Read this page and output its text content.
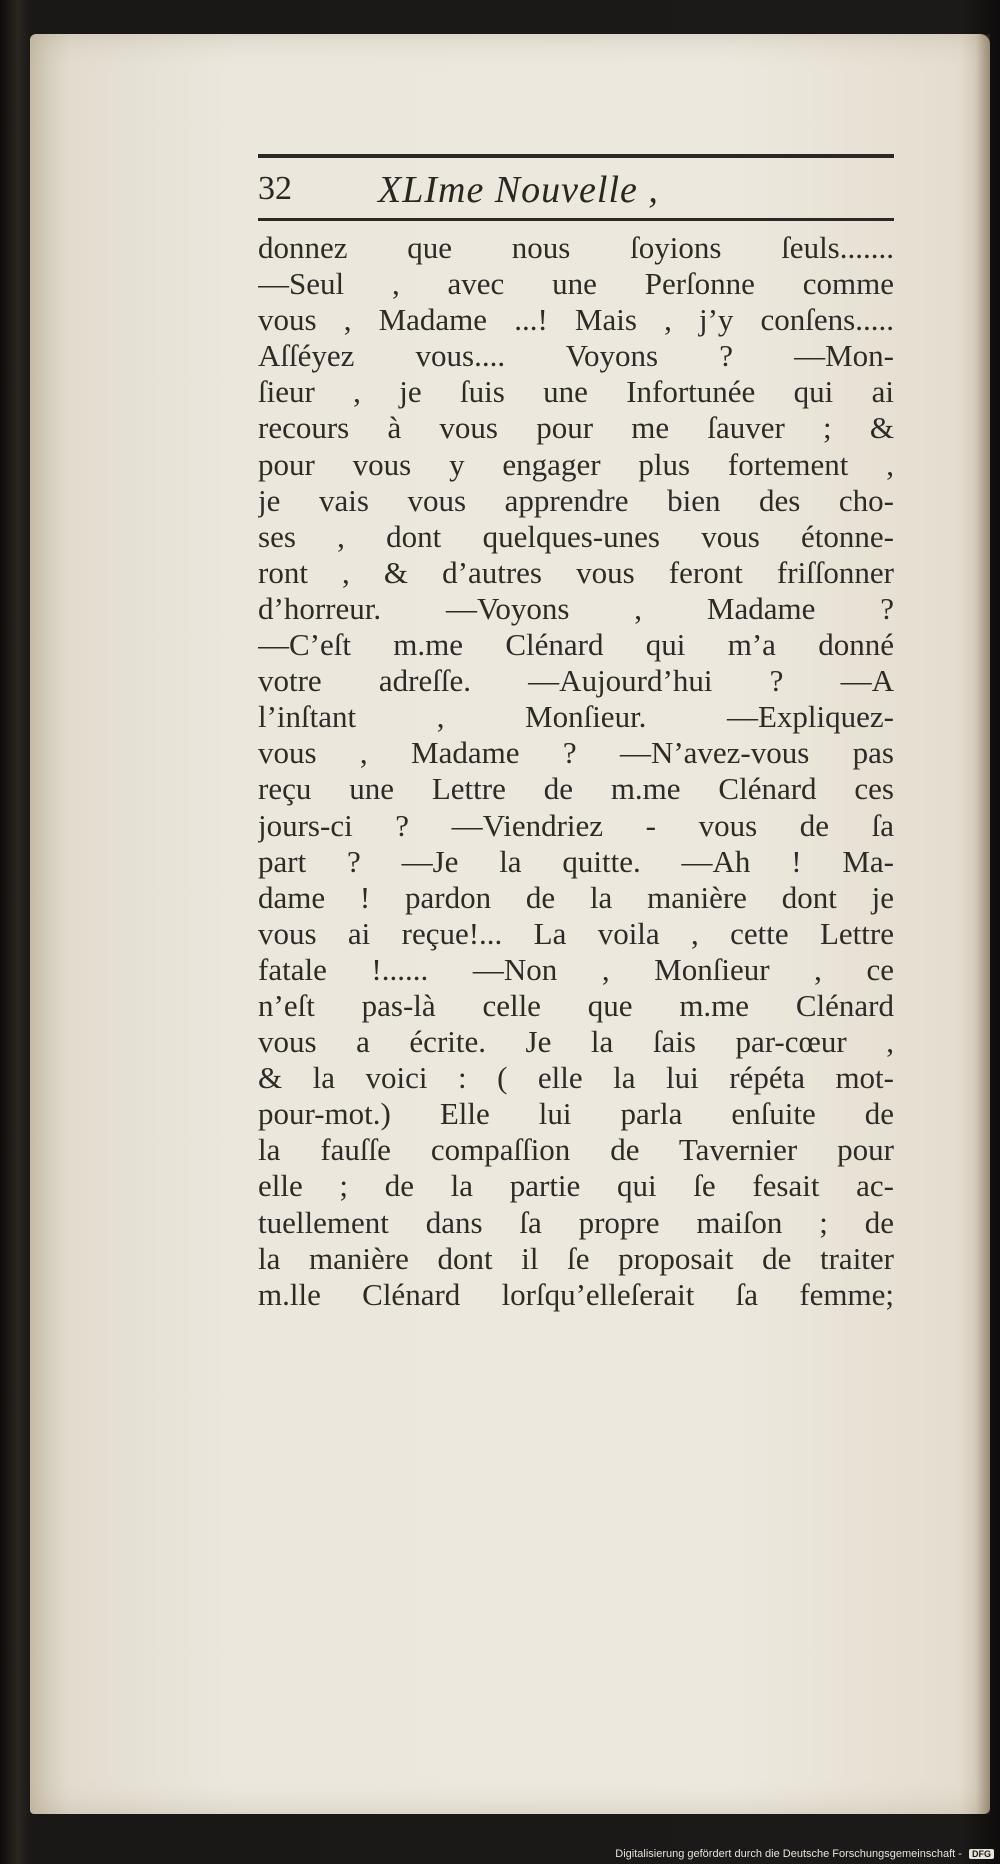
32 XLIme Nouvelle ,
donnez que nous ſoyions ſeuls.......
—Seul , avec une Perſonne comme
vous , Madame ...! Mais , j’y conſens.....
Aſſéyez vous.... Voyons ? —Mon-
ſieur , je ſuis une Infortunée qui ai
recours à vous pour me ſauver ; &
pour vous y engager plus fortement ,
je vais vous apprendre bien des cho-
ses , dont quelques-unes vous étonne-
ront , & d’autres vous feront friſſonner
d’horreur. —Voyons , Madame ?
—C’eſt m.me Clénard qui m’a donné
votre adreſſe. —Aujourd’hui ? —A
l’inſtant , Monſieur. —Expliquez-
vous , Madame ? —N’avez-vous pas
reçu une Lettre de m.me Clénard ces
jours-ci ? —Viendriez - vous de ſa
part ? —Je la quitte. —Ah ! Ma-
dame ! pardon de la manière dont je
vous ai reçue!... La voila , cette Lettre
fatale !...... —Non , Monſieur , ce
n’eſt pas-là celle que m.me Clénard
vous a écrite. Je la ſais par-cœur ,
& la voici : ( elle la lui répéta mot-
pour-mot.) Elle lui parla enſuite de
la fauſſe compaſſion de Tavernier pour
elle ; de la partie qui ſe fesait ac-
tuellement dans ſa propre maiſon ; de
la manière dont il ſe proposait de traiter
m.lle Clénard lorſqu’elleſerait ſa femme;
Digitalisierung gefördert durch die Deutsche Forschungsgemeinschaft - DFG
